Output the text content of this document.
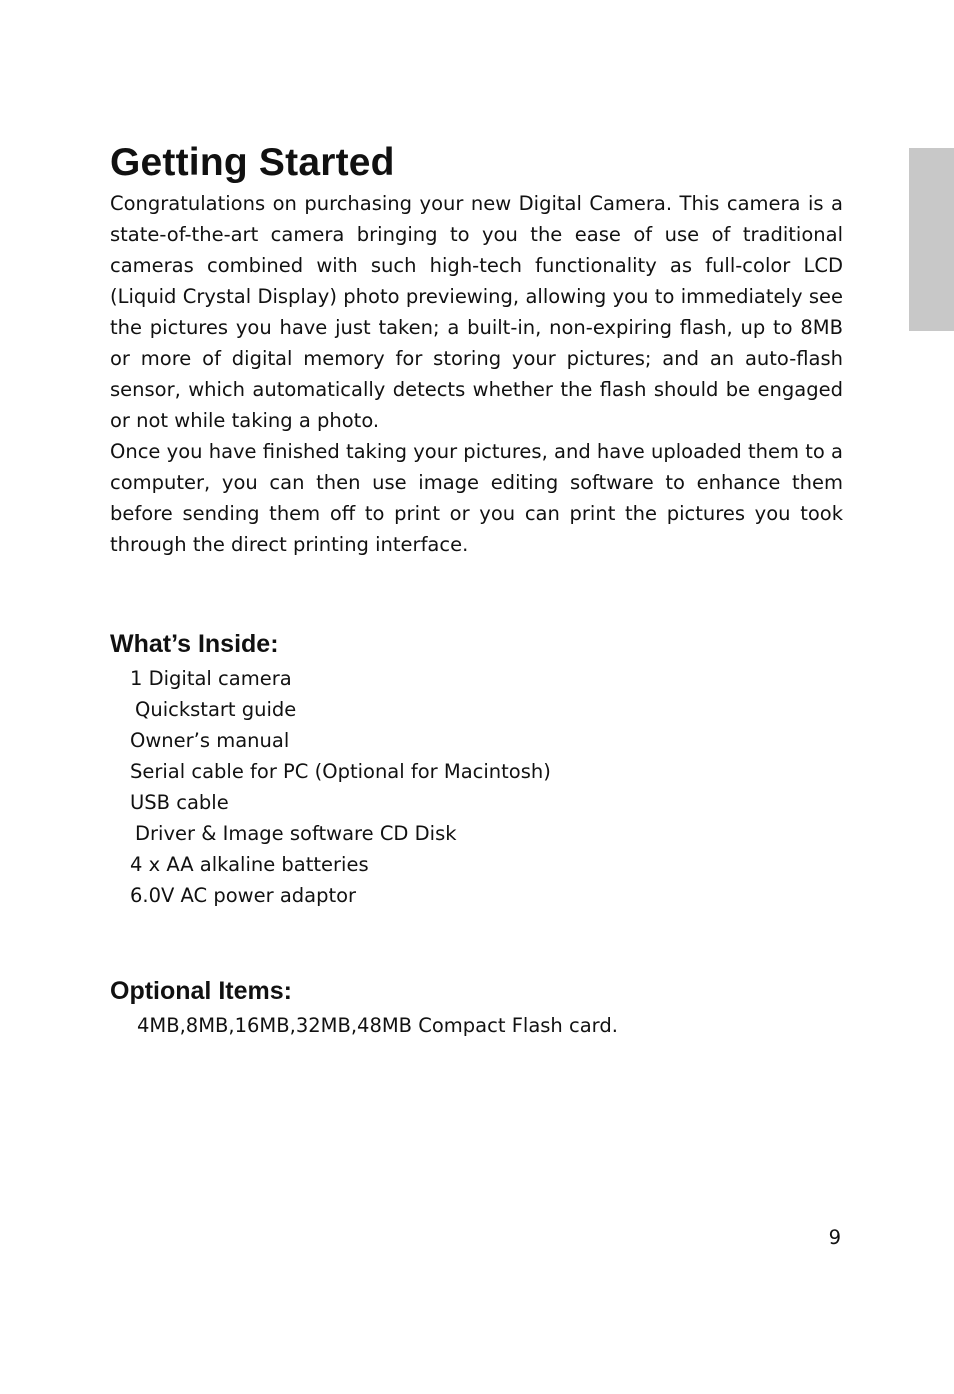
Getting Started

Congratulations on purchasing your new Digital Camera. This camera is a state-of-the-art camera bringing to you the ease of use of traditional cameras combined with such high-tech functionality as full-color LCD (Liquid Crystal Display) photo previewing, allowing you to immediately see the pictures you have just taken; a built-in, non-expiring flash, up to 8MB or more of digital memory for storing your pictures; and an auto-flash sensor, which automatically detects whether the flash should be engaged or not while taking a photo.

Once you have finished taking your pictures, and have uploaded them to a computer, you can then use image editing software to enhance them before sending them off to print or you can print the pictures you took through the direct printing interface.

What’s Inside:
1 Digital camera
Quickstart guide
Owner’s manual
Serial cable for PC (Optional for Macintosh)
USB cable
Driver & Image software CD Disk
4 x AA alkaline batteries
6.0V AC power adaptor
Optional Items:
4MB,8MB,16MB,32MB,48MB Compact Flash card.
9
